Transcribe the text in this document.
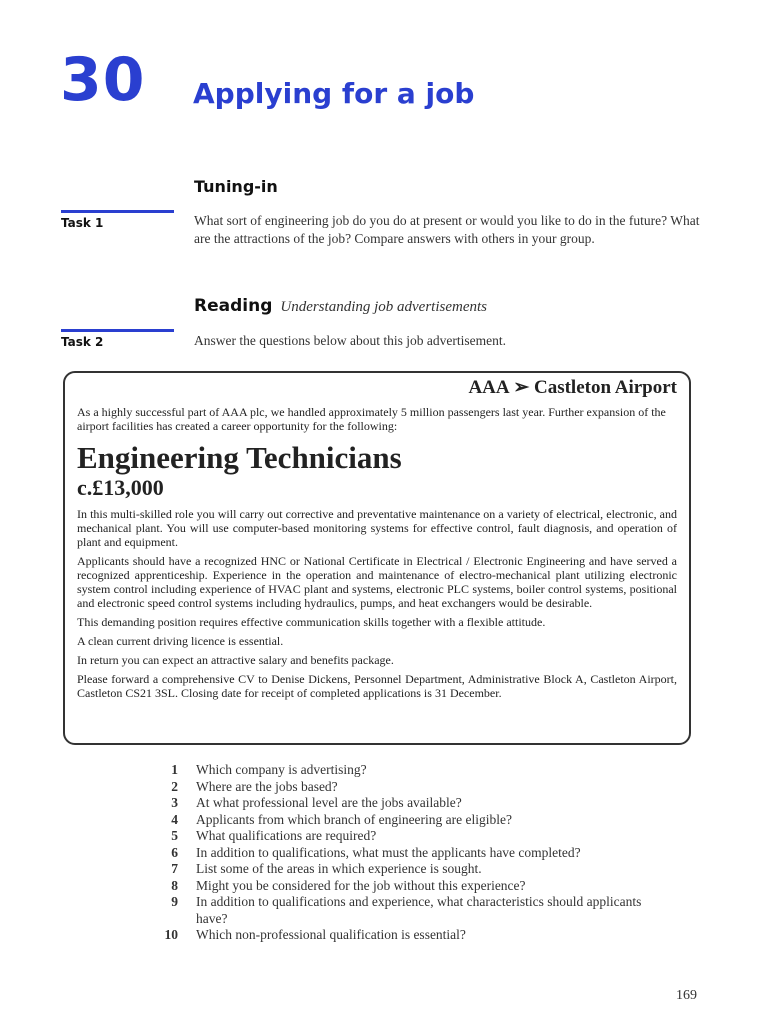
30 Applying for a job
Tuning-in
Task 1	What sort of engineering job do you do at present or would you like to do in the future? What are the attractions of the job? Compare answers with others in your group.
Reading Understanding job advertisements
Task 2	Answer the questions below about this job advertisement.
AAA ➢ Castleton Airport
As a highly successful part of AAA plc, we handled approximately 5 million passengers last year. Further expansion of the airport facilities has created a career opportunity for the following:
Engineering Technicians
c.£13,000

In this multi-skilled role you will carry out corrective and preventative maintenance on a variety of electrical, electronic, and mechanical plant. You will use computer-based monitoring systems for effective control, fault diagnosis, and operation of plant and equipment.

Applicants should have a recognized HNC or National Certificate in Electrical / Electronic Engineering and have served a recognized apprenticeship. Experience in the operation and maintenance of electro-mechanical plant utilizing electronic system control including experience of HVAC plant and systems, electronic PLC systems, boiler control systems, positional and electronic speed control systems including hydraulics, pumps, and heat exchangers would be desirable.

This demanding position requires effective communication skills together with a flexible attitude.

A clean current driving licence is essential.

In return you can expect an attractive salary and benefits package.

Please forward a comprehensive CV to Denise Dickens, Personnel Department, Administrative Block A, Castleton Airport, Castleton CS21 3SL. Closing date for receipt of completed applications is 31 December.

1	Which company is advertising?
2	Where are the jobs based?
3	At what professional level are the jobs available?
4	Applicants from which branch of engineering are eligible?
5	What qualifications are required?
6	In addition to qualifications, what must the applicants have completed?
7	List some of the areas in which experience is sought.
8	Might you be considered for the job without this experience?
9	In addition to qualifications and experience, what characteristics should applicants have?
10	Which non-professional qualification is essential?
169
